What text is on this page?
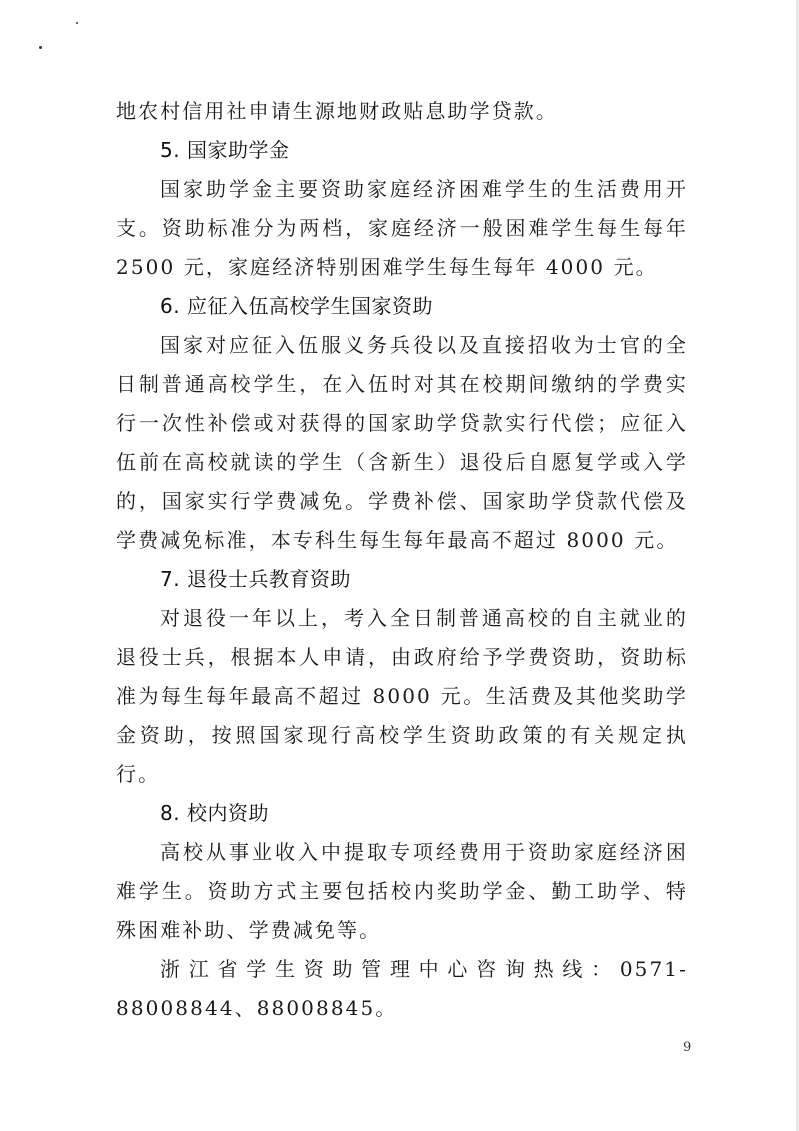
地农村信用社申请生源地财政贴息助学贷款。

5. 国家助学金

国家助学金主要资助家庭经济困难学生的生活费用开支。资助标准分为两档，家庭经济一般困难学生每生每年 2500 元，家庭经济特别困难学生每生每年 4000 元。

6. 应征入伍高校学生国家资助

国家对应征入伍服义务兵役以及直接招收为士官的全日制普通高校学生，在入伍时对其在校期间缴纳的学费实行一次性补偿或对获得的国家助学贷款实行代偿；应征入伍前在高校就读的学生（含新生）退役后自愿复学或入学的，国家实行学费减免。学费补偿、国家助学贷款代偿及学费减免标准，本专科生每生每年最高不超过 8000 元。

7. 退役士兵教育资助

对退役一年以上，考入全日制普通高校的自主就业的退役士兵，根据本人申请，由政府给予学费资助，资助标准为每生每年最高不超过 8000 元。生活费及其他奖助学金资助，按照国家现行高校学生资助政策的有关规定执行。

8. 校内资助

高校从事业收入中提取专项经费用于资助家庭经济困难学生。资助方式主要包括校内奖助学金、勤工助学、特殊困难补助、学费减免等。

浙江省学生资助管理中心咨询热线：0571-88008844、88008845。

9
